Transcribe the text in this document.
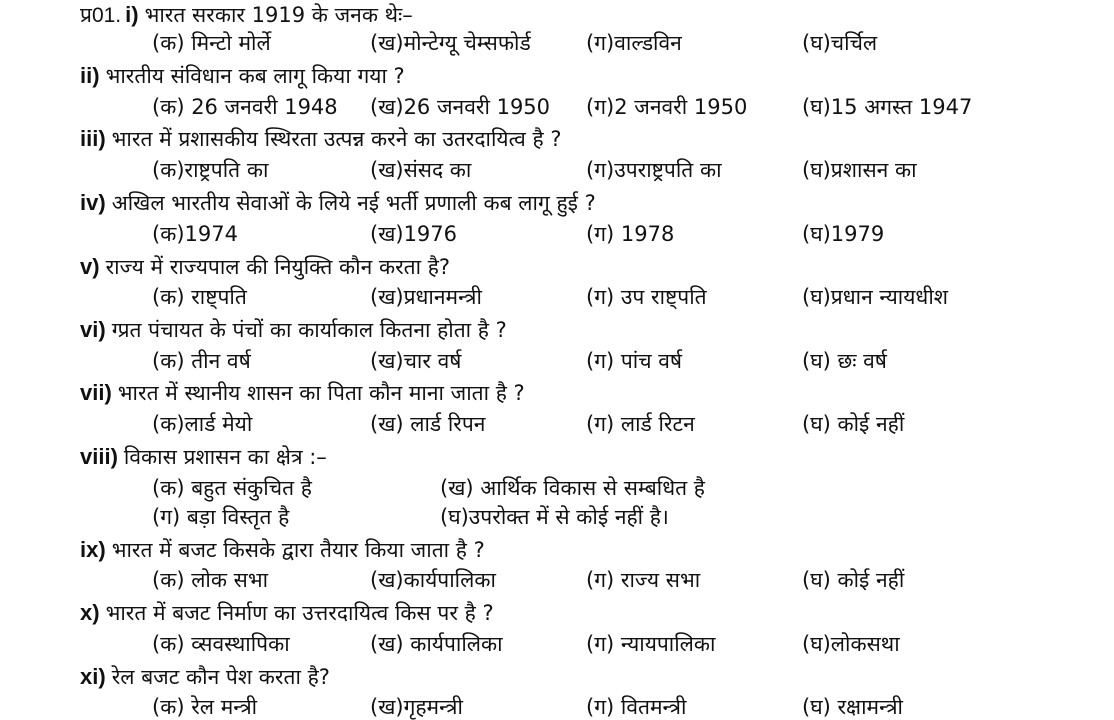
प्र01. i) भारत सरकार 1919 के जनक थेः–
(क) मिन्टो मोर्ले	(ख)मोन्टेग्यू चेम्सफोर्ड	(ग)वाल्डविन	(घ)चर्चिल
ii) भारतीय संविधान कब लागू किया गया ?
(क) 26 जनवरी 1948 (ख)26 जनवरी 1950 (ग)2 जनवरी 1950	(घ)15 अगस्त 1947
iii) भारत में प्रशासकीय स्थिरता उत्पन्न करने का उतरदायित्व है ?
(क)राष्ट्रपति का	(ख)संसद का	(ग)उपराष्ट्रपति का	(घ)प्रशासन का
iv) अखिल भारतीय सेवाओं के लिये नई भर्ती प्रणाली कब लागू हुई ?
(क)1974	(ख)1976	(ग) 1978	(घ)1979
v) राज्य में राज्यपाल की नियुक्ति कौन करता है?
(क) राष्ट्पति	(ख)प्रधानमन्त्री	(ग) उप राष्ट्पति	(घ)प्रधान न्यायधीश
vi) ग्प्रत पंचायत के पंचों का कार्याकाल कितना होता है ?
(क) तीन वर्ष	(ख)चार वर्ष	(ग) पांच वर्ष	(घ) छः वर्ष
vii) भारत में स्थानीय शासन का पिता कौन माना जाता है ?
(क)लार्ड मेयो	(ख) लार्ड रिपन	(ग) लार्ड रिटन	(घ) कोई नहीं
viii) विकास प्रशासन का क्षेत्र :–
(क) बहुत संकुचित है	(ख) आर्थिक विकास से सम्बधित है
(ग) बड़ा विस्तृत है	(घ)उपरोक्त में से कोई नहीं है।
ix) भारत में बजट किसके द्वारा तैयार किया जाता है ?
(क) लोक सभा	(ख)कार्यपालिका	(ग) राज्य सभा	(घ) कोई नहीं
x) भारत में बजट निर्माण का उत्तरदायित्व किस पर है ?
(क) व्सवस्थापिका	(ख) कार्यपालिका	(ग) न्यायपालिका	(घ)लोकसथा
xi) रेल बजट कौन पेश करता है?
(क) रेल मन्त्री	(ख)गृहमन्त्री	(ग) वितमन्त्री	(घ) रक्षामन्त्री
